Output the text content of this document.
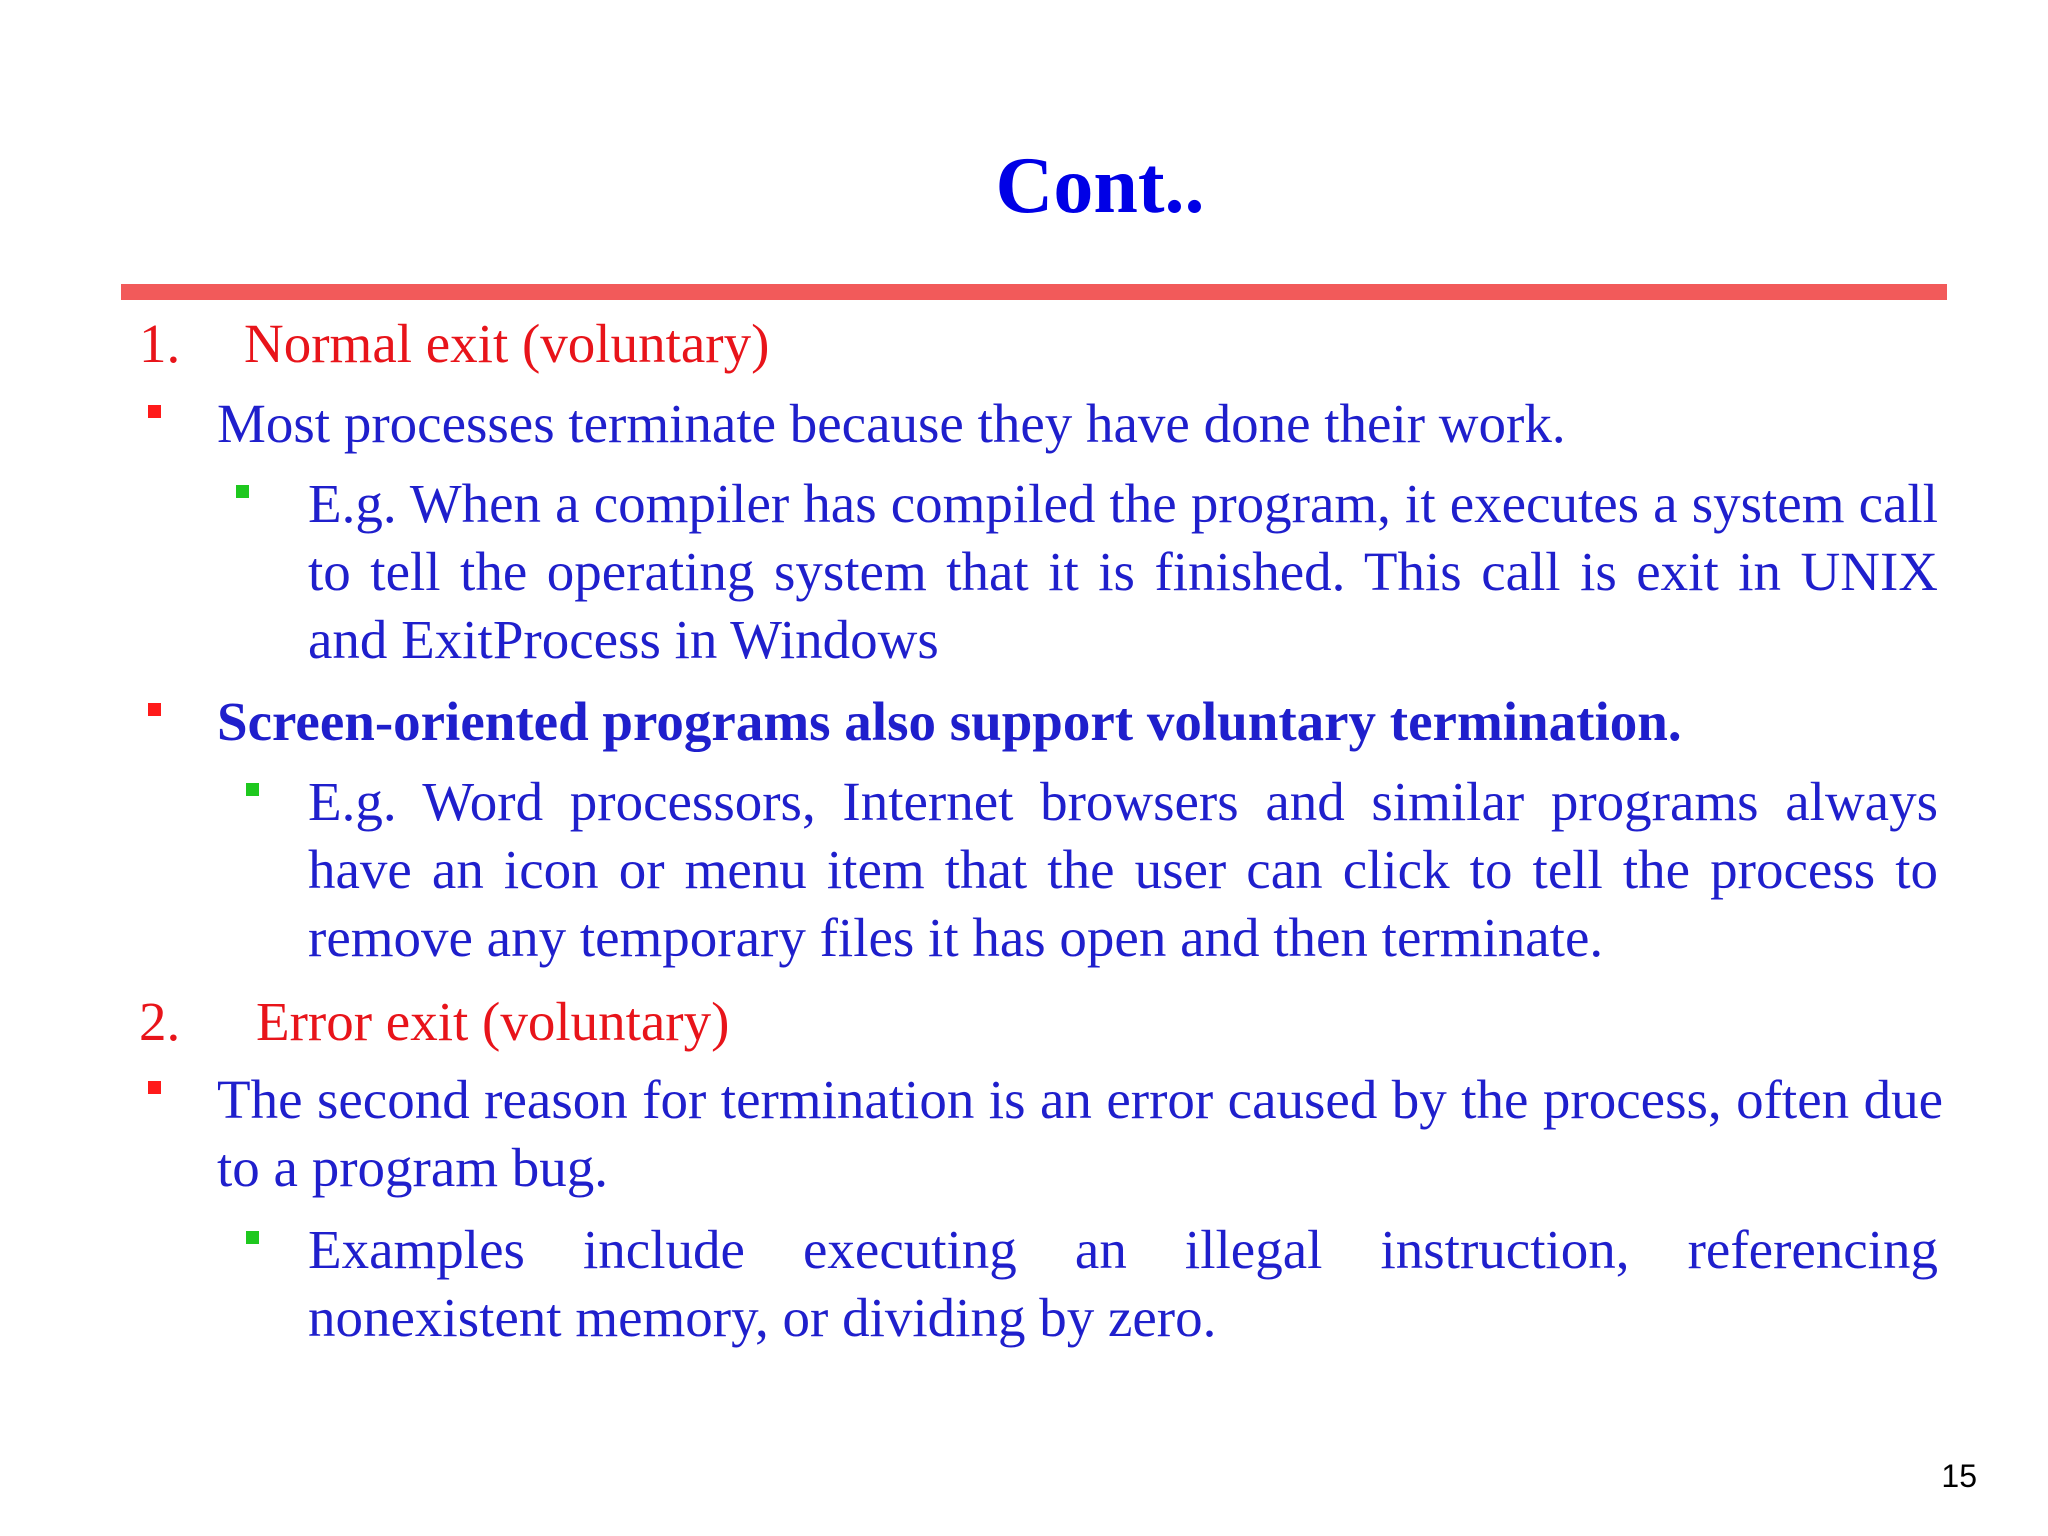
Cont..
1. Normal exit (voluntary)
Most processes terminate because they have done their work.
E.g. When a compiler has compiled the program, it executes a system call to tell the operating system that it is finished. This call is exit in UNIX and ExitProcess in Windows
Screen-oriented programs also support voluntary termination.
E.g. Word processors, Internet browsers and similar programs always have an icon or menu item that the user can click to tell the process to remove any temporary files it has open and then terminate.
2. Error exit (voluntary)
The second reason for termination is an error caused by the process, often due to a program bug.
Examples include executing an illegal instruction, referencing nonexistent memory, or dividing by zero.
15
